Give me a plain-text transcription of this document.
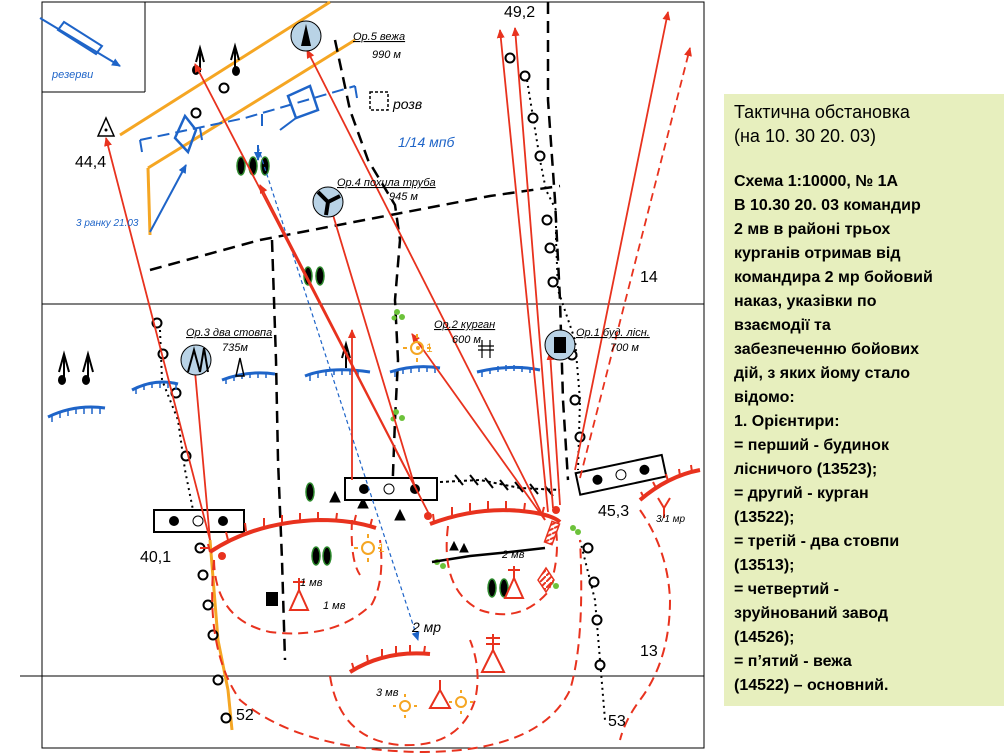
резерви
49,2
44,4
40,1
45,3
14
13
52	53
Ор.5 вежа
990 м
Ор.4 похила труба
945 м
Ор.3 два стовпа
735м
Ор.2 курган
600 м
Ор.1 буд. лісн.
700 м
розв
1/14 мпб
3 ранку 21.03
3/1 мр
1 мв
1 мв
2 мв
3 мв
2 мр
1
1
Тактична обстановка
(на 10. 30 20. 03)
Схема 1:10000, № 1А
В 10.30 20. 03 командир
2 мв в районі трьох
курганів отримав від
командира 2 мр бойовий
наказ, указівки по
взаємодії та
забезпеченню бойових
дій, з яких йому стало
відомо:
1. Орієнтири:
= перший - будинок
лісничого (13523);
= другий - курган
(13522);
= третій - два стовпи
(13513);
= четвертий -
зруйнований завод
(14526);
= п’ятий - вежа
(14522) – основний.
